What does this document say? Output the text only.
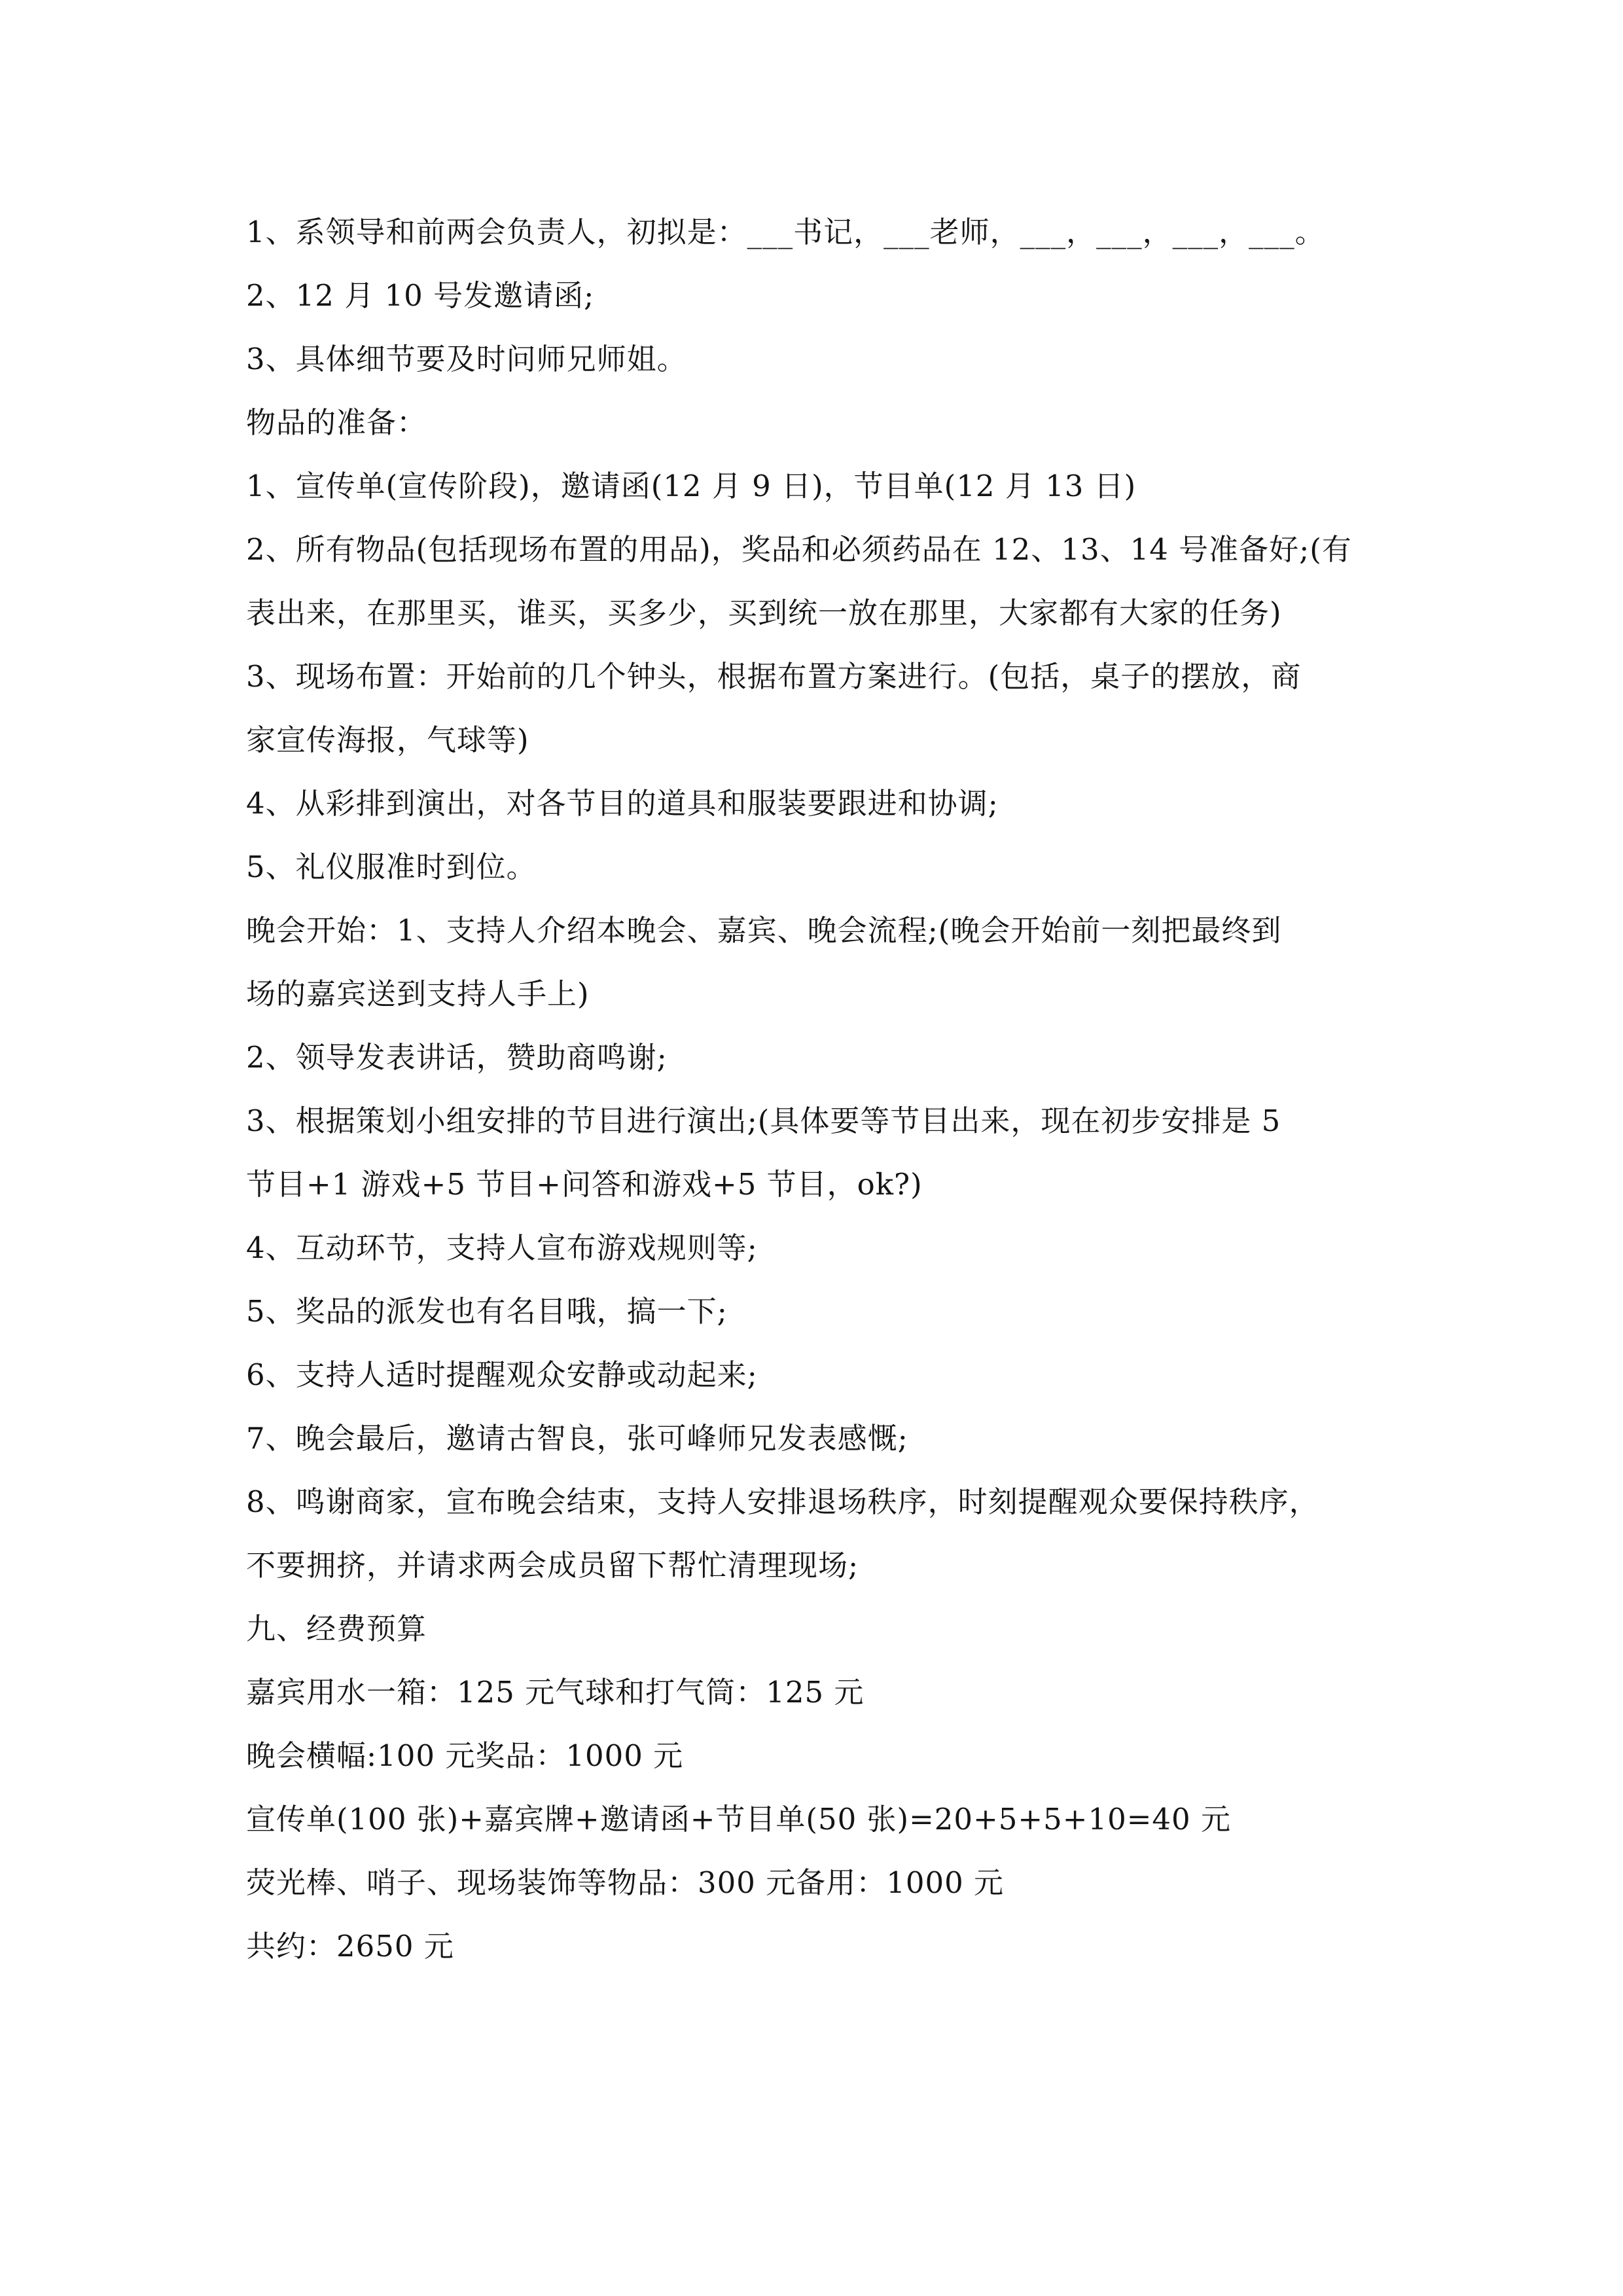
1、系领导和前两会负责人，初拟是：___书记，___老师，___，___，___，___。
2、12 月 10 号发邀请函;
3、具体细节要及时问师兄师姐。
物品的准备：
1、宣传单(宣传阶段)，邀请函(12 月 9 日)，节目单(12 月 13 日)
2、所有物品(包括现场布置的用品)，奖品和必须药品在 12、13、14 号准备好;(有
表出来，在那里买，谁买，买多少，买到统一放在那里，大家都有大家的任务)
3、现场布置：开始前的几个钟头，根据布置方案进行。(包括，桌子的摆放，商
家宣传海报，气球等)
4、从彩排到演出，对各节目的道具和服装要跟进和协调;
5、礼仪服准时到位。
晚会开始：1、支持人介绍本晚会、嘉宾、晚会流程;(晚会开始前一刻把最终到
场的嘉宾送到支持人手上)
2、领导发表讲话，赞助商鸣谢;
3、根据策划小组安排的节目进行演出;(具体要等节目出来，现在初步安排是 5
节目+1 游戏+5 节目+问答和游戏+5 节目，ok?)
4、互动环节，支持人宣布游戏规则等;
5、奖品的派发也有名目哦，搞一下;
6、支持人适时提醒观众安静或动起来;
7、晚会最后，邀请古智良，张可峰师兄发表感慨;
8、鸣谢商家，宣布晚会结束，支持人安排退场秩序，时刻提醒观众要保持秩序，
不要拥挤，并请求两会成员留下帮忙清理现场;
九、经费预算
嘉宾用水一箱：125 元气球和打气筒：125 元
晚会横幅:100 元奖品：1000 元
宣传单(100 张)+嘉宾牌+邀请函+节目单(50 张)=20+5+5+10=40 元
荧光棒、哨子、现场装饰等物品：300 元备用：1000 元
共约：2650 元
